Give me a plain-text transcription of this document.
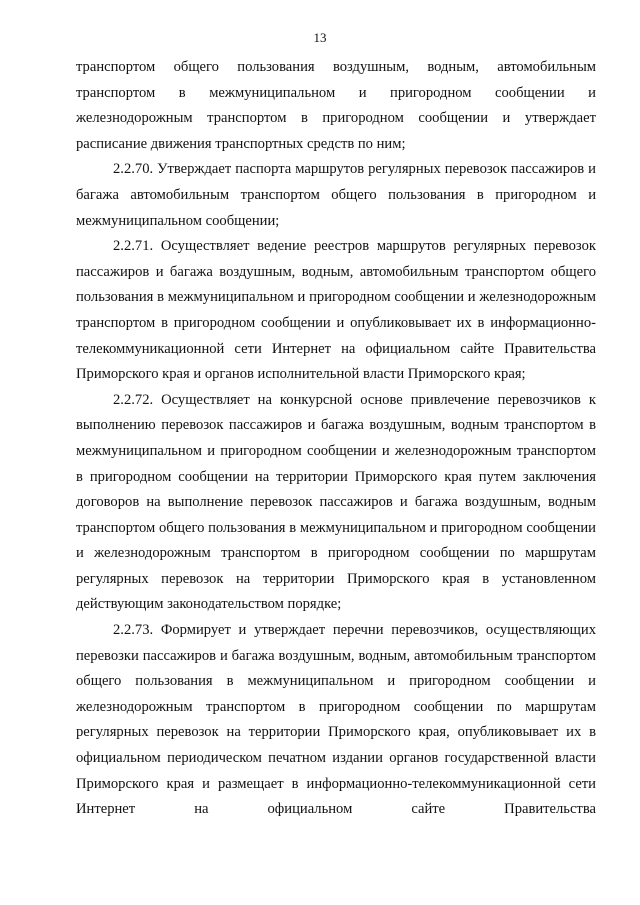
13

транспортом общего пользования воздушным, водным, автомобильным транспортом в межмуниципальном и пригородном сообщении и железнодорожным транспортом в пригородном сообщении и утверждает расписание движения транспортных средств по ним;

2.2.70. Утверждает паспорта маршрутов регулярных перевозок пассажиров и багажа автомобильным транспортом общего пользования в пригородном и межмуниципальном сообщении;

2.2.71. Осуществляет ведение реестров маршрутов регулярных перевозок пассажиров и багажа воздушным, водным, автомобильным транспортом общего пользования в межмуниципальном и пригородном сообщении и железнодорожным транспортом в пригородном сообщении и опубликовывает их в информационно-телекоммуникационной сети Интернет на официальном сайте Правительства Приморского края и органов исполнительной власти Приморского края;

2.2.72. Осуществляет на конкурсной основе привлечение перевозчиков к выполнению перевозок пассажиров и багажа воздушным, водным транспортом в межмуниципальном и пригородном сообщении и железнодорожным транспортом в пригородном сообщении на территории Приморского края путем заключения договоров на выполнение перевозок пассажиров и багажа воздушным, водным транспортом общего пользования в межмуниципальном и пригородном сообщении и железнодорожным транспортом в пригородном сообщении по маршрутам регулярных перевозок на территории Приморского края в установленном действующим законодательством порядке;

2.2.73. Формирует и утверждает перечни перевозчиков, осуществляющих перевозки пассажиров и багажа воздушным, водным, автомобильным транспортом общего пользования в межмуниципальном и пригородном сообщении и железнодорожным транспортом в пригородном сообщении по маршрутам регулярных перевозок на территории Приморского края, опубликовывает их в официальном периодическом печатном издании органов государственной власти Приморского края и размещает в информационно-телекоммуникационной сети Интернет на официальном сайте Правительства
